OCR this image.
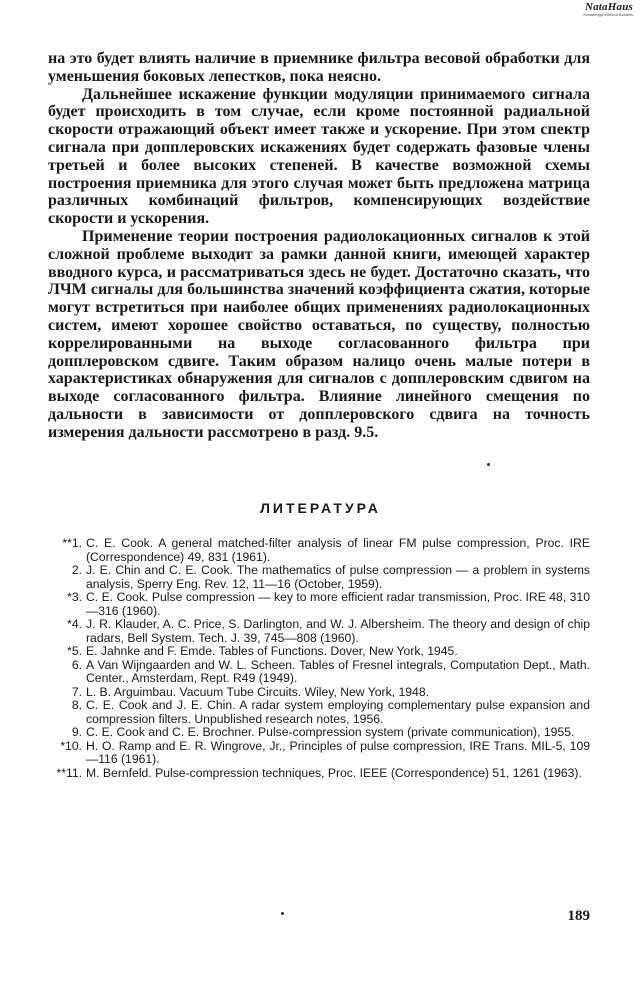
NataHaus
Knowledge Without Borders

на это будет влиять наличие в приемнике фильтра весовой обработки для уменьшения боковых лепестков, пока неясно.

Дальнейшее искажение функции модуляции принимаемого сигнала будет происходить в том случае, если кроме постоянной радиальной скорости отражающий объект имеет также и ускорение. При этом спектр сигнала при допплеровских искажениях будет содержать фазовые члены третьей и более высоких степеней. В качестве возможной схемы построения приемника для этого случая может быть предложена матрица различных комбинаций фильтров, компенсирующих воздействие скорости и ускорения.

Применение теории построения радиолокационных сигналов к этой сложной проблеме выходит за рамки данной книги, имеющей характер вводного курса, и рассматриваться здесь не будет. Достаточно сказать, что ЛЧМ сигналы для большинства значений коэффициента сжатия, которые могут встретиться при наиболее общих применениях радиолокационных систем, имеют хорошее свойство оставаться, по существу, полностью коррелированными на выходе согласованного фильтра при допплеровском сдвиге. Таким образом налицо очень малые потери в характеристиках обнаружения для сигналов с допплеровским сдвигом на выходе согласованного фильтра. Влияние линейного смещения по дальности в зависимости от допплеровского сдвига на точность измерения дальности рассмотрено в разд. 9.5.

ЛИТЕРАТУРА
**1. C. E. Cook. A general matched-filter analysis of linear FM pulse compression, Proc. IRE (Correspondence) 49, 831 (1961).
2. J. E. Chin and C. E. Cook. The mathematics of pulse compression — a problem in systems analysis, Sperry Eng. Rev. 12, 11—16 (October, 1959).
*3. C. E. Cook. Pulse compression — key to more efficient radar transmission, Proc. IRE 48, 310—316 (1960).
*4. J. R. Klauder, A. C. Price, S. Darlington, and W. J. Albersheim. The theory and design of chip radars, Bell System. Tech. J. 39, 745—808 (1960).
*5. E. Jahnke and F. Emde. Tables of Functions. Dover, New York, 1945.
6. A Van Wijngaarden and W. L. Scheen. Tables of Fresnel integrals, Computation Dept., Math. Center., Amsterdam, Rept. R49 (1949).
7. L. B. Arguimbau. Vacuum Tube Circuits. Wiley, New York, 1948.
8. C. E. Cook and J. E. Chin. A radar system employing complementary pulse expansion and compression filters. Unpublished research notes, 1956.
9. C. E. Cook and C. E. Brochner. Pulse-compression system (private communication), 1955.
*10. H. O. Ramp and E. R. Wingrove, Jr., Principles of pulse compression, IRE Trans. MIL-5, 109—116 (1961).
**11. M. Bernfeld. Pulse-compression techniques, Proc. IEEE (Correspondence) 51, 1261 (1963).
189
